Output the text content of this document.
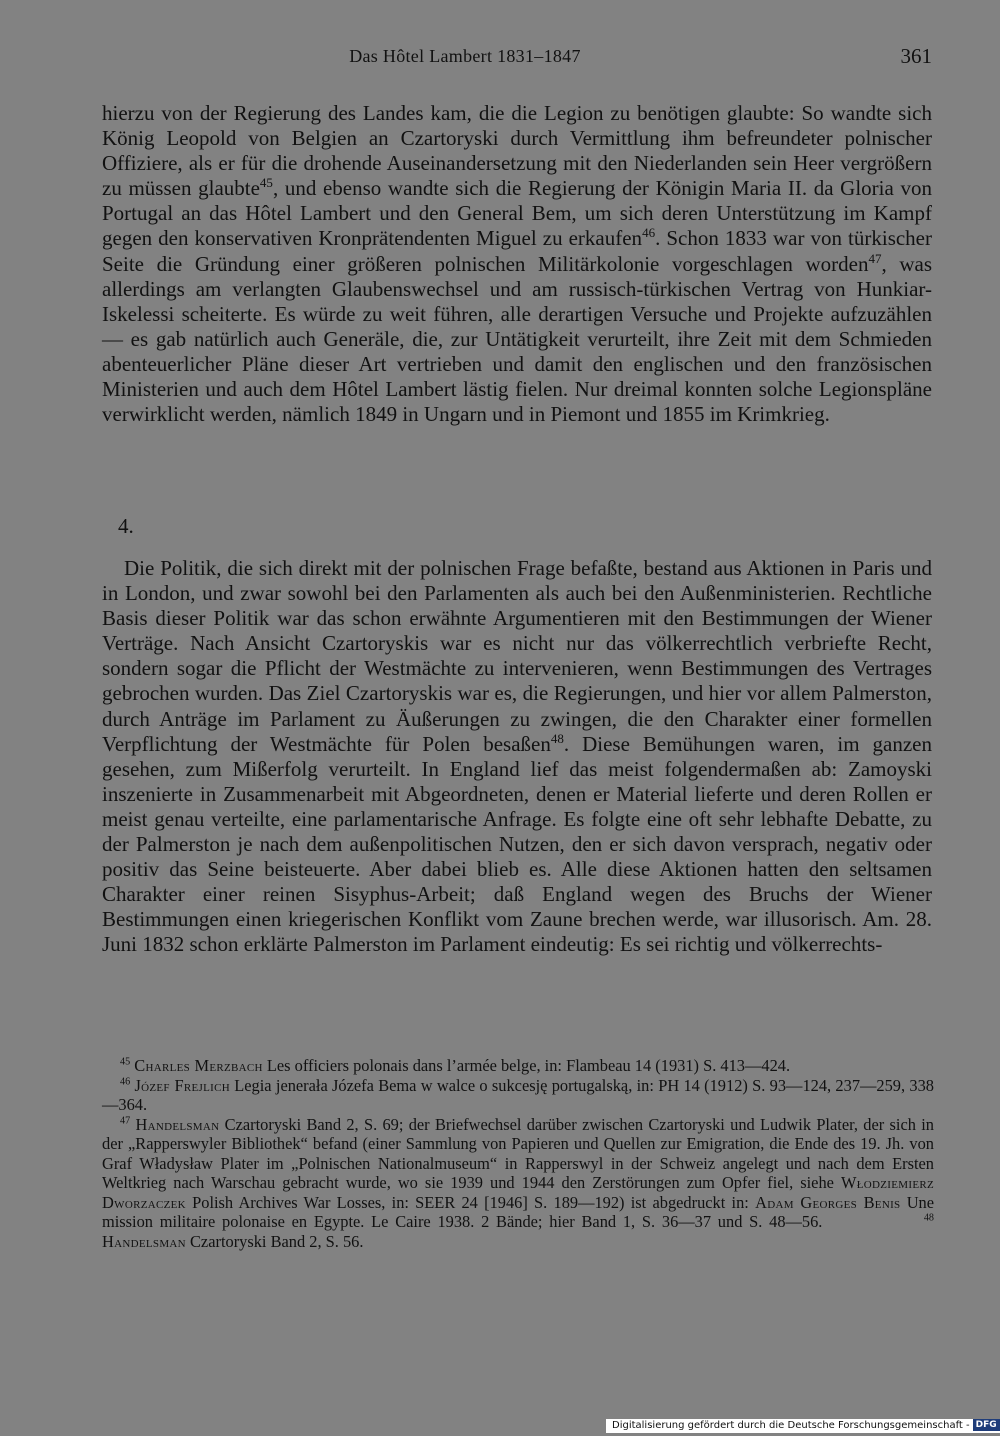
Das Hôtel Lambert 1831–1847	361

hierzu von der Regierung des Landes kam, die die Legion zu benötigen glaubte: So wandte sich König Leopold von Belgien an Czartoryski durch Vermittlung ihm befreundeter polnischer Offiziere, als er für die drohende Auseinandersetzung mit den Niederlanden sein Heer vergrößern zu müssen glaubte$^{45}$, und ebenso wandte sich die Regierung der Königin Maria II. da Gloria von Portugal an das Hôtel Lambert und den General Bem, um sich deren Unterstützung im Kampf gegen den konservativen Kronprätendenten Miguel zu erkaufen$^{46}$. Schon 1833 war von türkischer Seite die Gründung einer größeren polnischen Militärkolonie vorgeschlagen worden$^{47}$, was allerdings am verlangten Glaubenswechsel und am russisch-türkischen Vertrag von Hunkiar-Iskelessi scheiterte. Es würde zu weit führen, alle derartigen Versuche und Projekte aufzuzählen — es gab natürlich auch Generäle, die, zur Untätigkeit verurteilt, ihre Zeit mit dem Schmieden abenteuerlicher Pläne dieser Art vertrieben und damit den englischen und den französischen Ministerien und auch dem Hôtel Lambert lästig fielen. Nur dreimal konnten solche Legionspläne verwirklicht werden, nämlich 1849 in Ungarn und in Piemont und 1855 im Krimkrieg.

4.

Die Politik, die sich direkt mit der polnischen Frage befaßte, bestand aus Aktionen in Paris und in London, und zwar sowohl bei den Parlamenten als auch bei den Außenministerien. Rechtliche Basis dieser Politik war das schon erwähnte Argumentieren mit den Bestimmungen der Wiener Verträge. Nach Ansicht Czartoryskis war es nicht nur das völkerrechtlich verbriefte Recht, sondern sogar die Pflicht der Westmächte zu intervenieren, wenn Bestimmungen des Vertrages gebrochen wurden. Das Ziel Czartoryskis war es, die Regierungen, und hier vor allem Palmerston, durch Anträge im Parlament zu Äußerungen zu zwingen, die den Charakter einer formellen Verpflichtung der Westmächte für Polen besaßen$^{48}$. Diese Bemühungen waren, im ganzen gesehen, zum Mißerfolg verurteilt. In England lief das meist folgendermaßen ab: Zamoyski inszenierte in Zusammenarbeit mit Abgeordneten, denen er Material lieferte und deren Rollen er meist genau verteilte, eine parlamentarische Anfrage. Es folgte eine oft sehr lebhafte Debatte, zu der Palmerston je nach dem außenpolitischen Nutzen, den er sich davon versprach, negativ oder positiv das Seine beisteuerte. Aber dabei blieb es. Alle diese Aktionen hatten den seltsamen Charakter einer reinen Sisyphus-Arbeit; daß England wegen des Bruchs der Wiener Bestimmungen einen kriegerischen Konflikt vom Zaune brechen werde, war illusorisch. Am. 28. Juni 1832 schon erklärte Palmerston im Parlament eindeutig: Es sei richtig und völkerrechts-

$^{45}$ Charles Merzbach Les officiers polonais dans l’armée belge, in: Flambeau 14 (1931) S. 413—424.

$^{46}$ Józef Frejlich Legia jenerała Józefa Bema w walce o sukcesję portugalską, in: PH 14 (1912) S. 93—124, 237—259, 338—364.

$^{47}$ Handelsman Czartoryski Band 2, S. 69; der Briefwechsel darüber zwischen Czartoryski und Ludwik Plater, der sich in der „Rapperswyler Bibliothek“ befand (einer Sammlung von Papieren und Quellen zur Emigration, die Ende des 19. Jh. von Graf Władysław Plater im „Polnischen Nationalmuseum“ in Rapperswyl in der Schweiz angelegt und nach dem Ersten Weltkrieg nach Warschau gebracht wurde, wo sie 1939 und 1944 den Zerstörungen zum Opfer fiel, siehe Włodziemierz Dworzaczek Polish Archives War Losses, in: SEER 24 [1946] S. 189—192) ist abgedruckt in: Adam Georges Benis Une mission militaire polonaise en Egypte. Le Caire 1938. 2 Bände; hier Band 1, S. 36—37 und S. 48—56.	$^{48}$ Handelsman Czartoryski Band 2, S. 56.

Digitalisierung gefördert durch die Deutsche Forschungsgemeinschaft - DFG
